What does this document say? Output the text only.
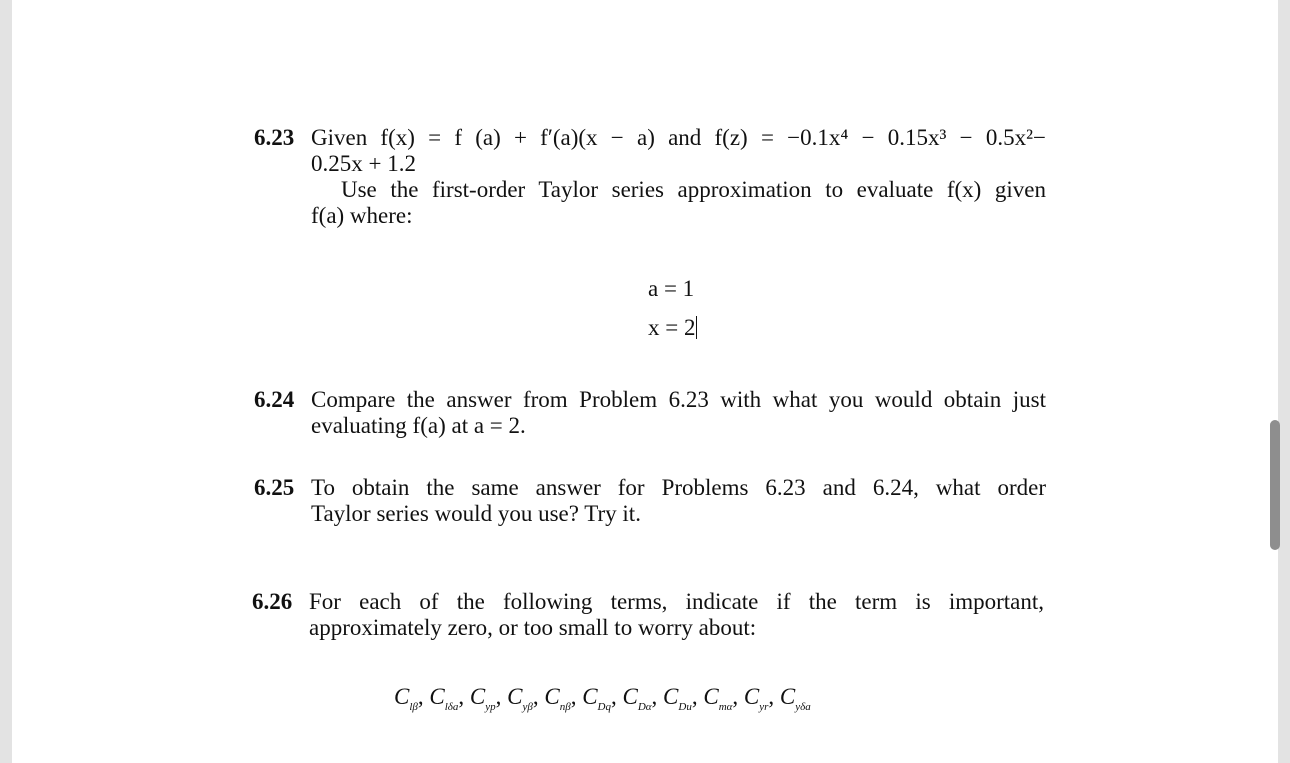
6.23 Given f(x) = f (a) + f′(a)(x − a) and f(z) = −0.1x⁴ − 0.15x³ − 0.5x²−
0.25x + 1.2
Use the first-order Taylor series approximation to evaluate f(x) given
f(a) where:
a = 1
x = 2
6.24 Compare the answer from Problem 6.23 with what you would obtain just
evaluating f(a) at a = 2.
6.25 To obtain the same answer for Problems 6.23 and 6.24, what order
Taylor series would you use? Try it.
6.26 For each of the following terms, indicate if the term is important,
approximately zero, or too small to worry about:
$C_{l\beta}$, $C_{l\delta a}$, $C_{yp}$, $C_{y\beta}$, $C_{n\beta}$, $C_{Dq}$, $C_{D\alpha}$, $C_{Du}$, $C_{m\alpha}$, $C_{yr}$, $C_{y\delta a}$
